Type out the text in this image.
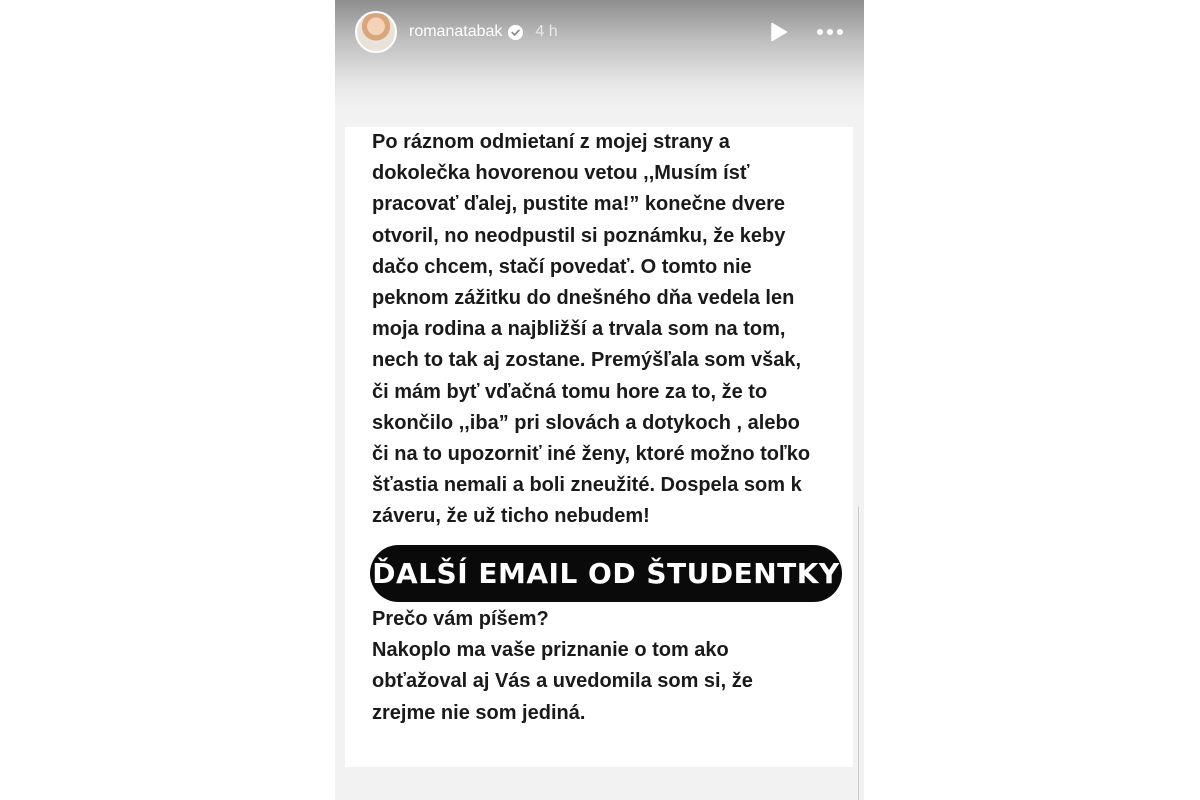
romanatabak 4 h
Po ráznom odmietaní z mojej strany a
dokolečka hovorenou vetou ,,Musím ísť
pracovať ďalej, pustite ma!” konečne dvere
otvoril, no neodpustil si poznámku, že keby
dačo chcem, stačí povedať. O tomto nie
peknom zážitku do dnešného dňa vedela len
moja rodina a najbližší a trvala som na tom,
nech to tak aj zostane. Premýšľala som však,
či mám byť vďačná tomu hore za to, že to
skončilo ,,iba” pri slovách a dotykoch , alebo
či na to upozorniť iné ženy, ktoré možno toľko
šťastia nemali a boli zneužité. Dospela som k
záveru, že už ticho nebudem!
ĎALŠÍ EMAIL OD ŠTUDENTKY
Prečo vám píšem?
Nakoplo ma vaše priznanie o tom ako
obťažoval aj Vás a uvedomila som si, že
zrejme nie som jediná.
